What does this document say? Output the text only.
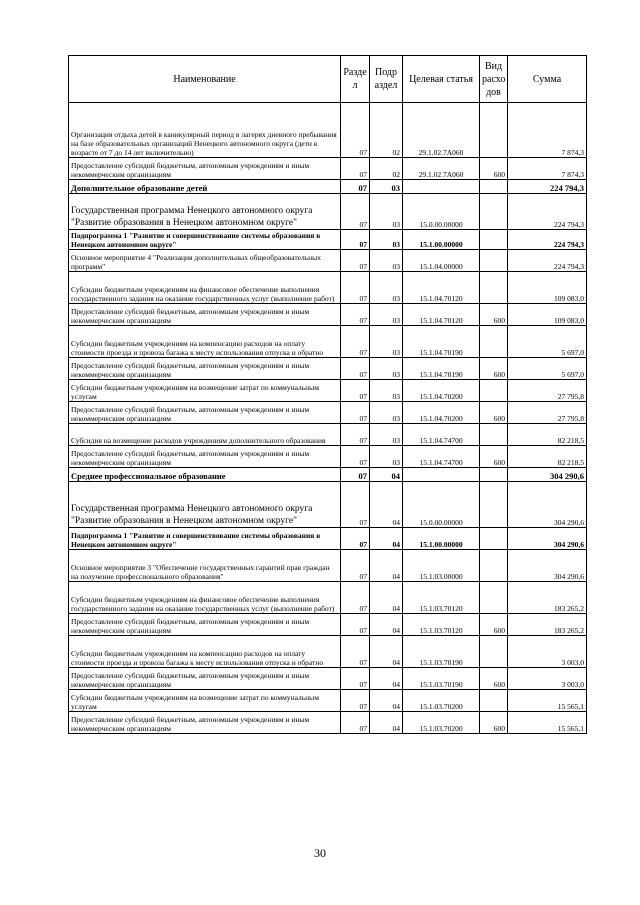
Наименование	Разде л	Подр аздел	Целевая статья	Вид расхо дов	Сумма
Организация отдыха детей в каникулярный период в лагерях дневного пребывания на базе образовательных организаций Ненецкого автономного округа (дети в возрасте от 7 до 14 лет включительно)	07	02	29.1.02.7А060		7 874,3
Предоставление субсидий бюджетным, автономным учреждениям и иным некоммерческим организациям	07	02	29.1.02.7А060	600	7 874,3
Дополнительное образование детей	07	03			224 794,3
Государственная программа Ненецкого автономного округа "Развитие образования в Ненецком автономном округе"	07	03	15.0.00.00000		224 794,3
Подпрограмма 1 "Развитие и совершенствование системы образования в Ненецком автономном округе"	07	03	15.1.00.00000		224 794,3
Основное мероприятие 4 "Реализация дополнительных общеобразовательных программ"	07	03	15.1.04.00000		224 794,3
Субсидии бюджетным учреждениям на финансовое обеспечение выполнения государственного задания на оказание государственных услуг (выполнение работ)	07	03	15.1.04.70120		109 083,0
Предоставление субсидий бюджетным, автономным учреждениям и иным некоммерческим организациям	07	03	15.1.04.70120	600	109 083,0
Субсидии бюджетным учреждениям на компенсацию расходов на оплату стоимости проезда и провоза багажа к месту использования отпуска и обратно	07	03	15.1.04.70190		5 697,0
Предоставление субсидий бюджетным, автономным учреждениям и иным некоммерческим организациям	07	03	15.1.04.70190	600	5 697,0
Субсидии бюджетным учреждениям на возмещение затрат по коммунальным услугам	07	03	15.1.04.70200		27 795,8
Предоставление субсидий бюджетным, автономным учреждениям и иным некоммерческим организациям	07	03	15.1.04.70200	600	27 795,8
Субсидия на возмещение расходов учреждениям дополнительного образования	07	03	15.1.04.74700		82 218,5
Предоставление субсидий бюджетным, автономным учреждениям и иным некоммерческим организациям	07	03	15.1.04.74700	600	82 218,5
Среднее профессиональное образование	07	04			304 290,6
Государственная программа Ненецкого автономного округа "Развитие образования в Ненецком автономном округе"	07	04	15.0.00.00000		304 290,6
Подпрограмма 1 "Развитие и совершенствование системы образования в Ненецком автономном округе"	07	04	15.1.00.00000		304 290,6
Основное мероприятие 3 "Обеспечение государственных гарантий прав граждан на получение профессионального образования"	07	04	15.1.03.00000		304 290,6
Субсидии бюджетным учреждениям на финансовое обеспечение выполнения государственного задания на оказание государственных услуг (выполнение работ)	07	04	15.1.03.70120		183 265,2
Предоставление субсидий бюджетным, автономным учреждениям и иным некоммерческим организациям	07	04	15.1.03.70120	600	183 265,2
Субсидии бюджетным учреждениям на компенсацию расходов на оплату стоимости проезда и провоза багажа к месту использования отпуска и обратно	07	04	15.1.03.70190		3 003,0
Предоставление субсидий бюджетным, автономным учреждениям и иным некоммерческим организациям	07	04	15.1.03.70190	600	3 003,0
Субсидии бюджетным учреждениям на возмещение затрат по коммунальным услугам	07	04	15.1.03.70200		15 565,1
Предоставление субсидий бюджетным, автономным учреждениям и иным некоммерческим организациям	07	04	15.1.03.70200	600	15 565,1
30
